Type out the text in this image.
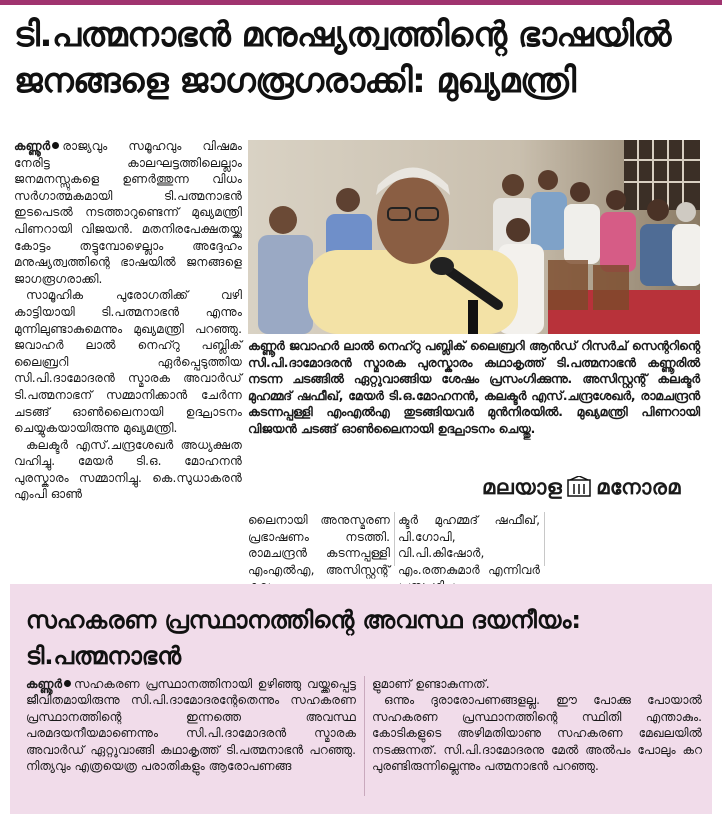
ടി.പത്മനാഭൻ മനുഷ്യത്വത്തിന്റെ ഭാഷയിൽ ജനങ്ങളെ ജാഗരൂഗരാക്കി: മുഖ്യമന്ത്രി

കണ്ണൂർ രാജ്യവും സമൂഹവും വിഷമം നേരിട്ട കാലഘട്ടത്തിലെല്ലാം ജനമനസ്സുകളെ ഉണർത്തുന്ന വിധം സർഗാത്മകമായി ടി.പത്മനാഭൻ ഇടപെടൽ നടത്താറുണ്ടെന്ന് മുഖ്യമന്ത്രി പിണറായി വിജയൻ. മതനിരപേക്ഷതയ്ക്കു കോട്ടം തട്ടുമ്പോഴെല്ലാം അദ്ദേഹം മനുഷ്യത്വത്തിന്റെ ഭാഷയിൽ ജനങ്ങളെ ജാഗരൂഗരാക്കി.

സാമൂഹിക പുരോഗതിക്ക് വഴി കാട്ടിയായി ടി.പത്മനാഭൻ എന്നും മുന്നിലുണ്ടാകുമെന്നും മുഖ്യമന്ത്രി പറഞ്ഞു. ജവാഹർ ലാൽ നെഹ്റു പബ്ലിക് ലൈബ്രറി ഏർപ്പെടുത്തിയ സി.പി.ദാമോദരൻ സ്മാരക അവാർഡ് ടി.പത്മനാഭന് സമ്മാനിക്കാൻ ചേർന്ന ചടങ്ങ് ഓൺലൈനായി ഉദ്ഘാടനം ചെയ്യുകയായിരുന്നു മുഖ്യമന്ത്രി.

കലക്ടർ എസ്.ചന്ദ്രശേഖർ അധ്യക്ഷത വഹിച്ചു. മേയർ ടി.ഒ. മോഹനൻ പുരസ്കാരം സമ്മാനിച്ചു. കെ.സുധാകരൻ എംപി ഓൺ

കണ്ണൂർ ജവാഹർ ലാൽ നെഹ്റു പബ്ലിക് ലൈബ്രറി ആൻഡ് റിസർച് സെന്ററിന്റെ സി.പി.ദാമോദരൻ സ്മാരക പുരസ്കാരം കഥാകൃത്ത് ടി.പത്മനാഭൻ കണ്ണൂരിൽ നടന്ന ചടങ്ങിൽ ഏറ്റുവാങ്ങിയ ശേഷം പ്രസംഗിക്കുന്നു. അസിസ്റ്റന്റ് കലക്ടർ മുഹമ്മദ് ഷഫീഖ്, മേയർ ടി.ഒ.മോഹനൻ, കലക്ടർ എസ്.ചന്ദ്രശേഖർ, രാമചന്ദ്രൻ കടന്നപ്പള്ളി എംഎൽഎ തുടങ്ങിയവർ മുൻനിരയിൽ. മുഖ്യമന്ത്രി പിണറായി വിജയൻ ചടങ്ങ് ഓൺലൈനായി ഉദ്ഘാടനം ചെയ്തു.
മലയാള മനോരമ
ലൈനായി അനുസ്മരണ പ്രഭാഷണം നടത്തി. രാമചന്ദ്രൻ കടന്നപ്പള്ളി എംഎൽഎ, അസിസ്റ്റന്റ്
ക്ടർ മുഹമ്മദ് ഷഫീഖ്, പി.ഗോപി, വി.പി.കിഷോർ, എം.രത്നകുമാർ എന്നിവർ
സഹകരണ പ്രസ്ഥാനത്തിന്റെ അവസ്ഥ ദയനീയം: ടി.പത്മനാഭൻ

കണ്ണൂർ സഹകരണ പ്രസ്ഥാനത്തിനായി ഉഴിഞ്ഞു വയ്ക്കപ്പെട്ട ജീവിതമായിരുന്നു സി.പി.ദാമോദരന്റേതെന്നും സഹകരണ പ്രസ്ഥാനത്തിന്റെ ഇന്നത്തെ അവസ്ഥ പരമദയനീയമാണെന്നും സി.പി.ദാമോദരൻ സ്മാരക അവാർഡ് ഏറ്റുവാങ്ങി കഥാകൃത്ത് ടി.പത്മനാഭൻ പറഞ്ഞു. നിത്യവും എത്രയെത്ര പരാതികളും ആരോപണങ്ങ

ളുമാണ് ഉണ്ടാകുന്നത്.

ഒന്നും ദുരാരോപണങ്ങളല്ല. ഈ പോക്കു പോയാൽ സഹകരണ പ്രസ്ഥാനത്തിന്റെ സ്ഥിതി എന്താകും. കോടികളുടെ അഴിമതിയാണു സഹകരണ മേഖലയിൽ നടക്കുന്നത്. സി.പി.ദാമോദരനു മേൽ അൽപം പോലും കറ പുരണ്ടിരുന്നില്ലെന്നും പത്മനാഭൻ പറഞ്ഞു.
